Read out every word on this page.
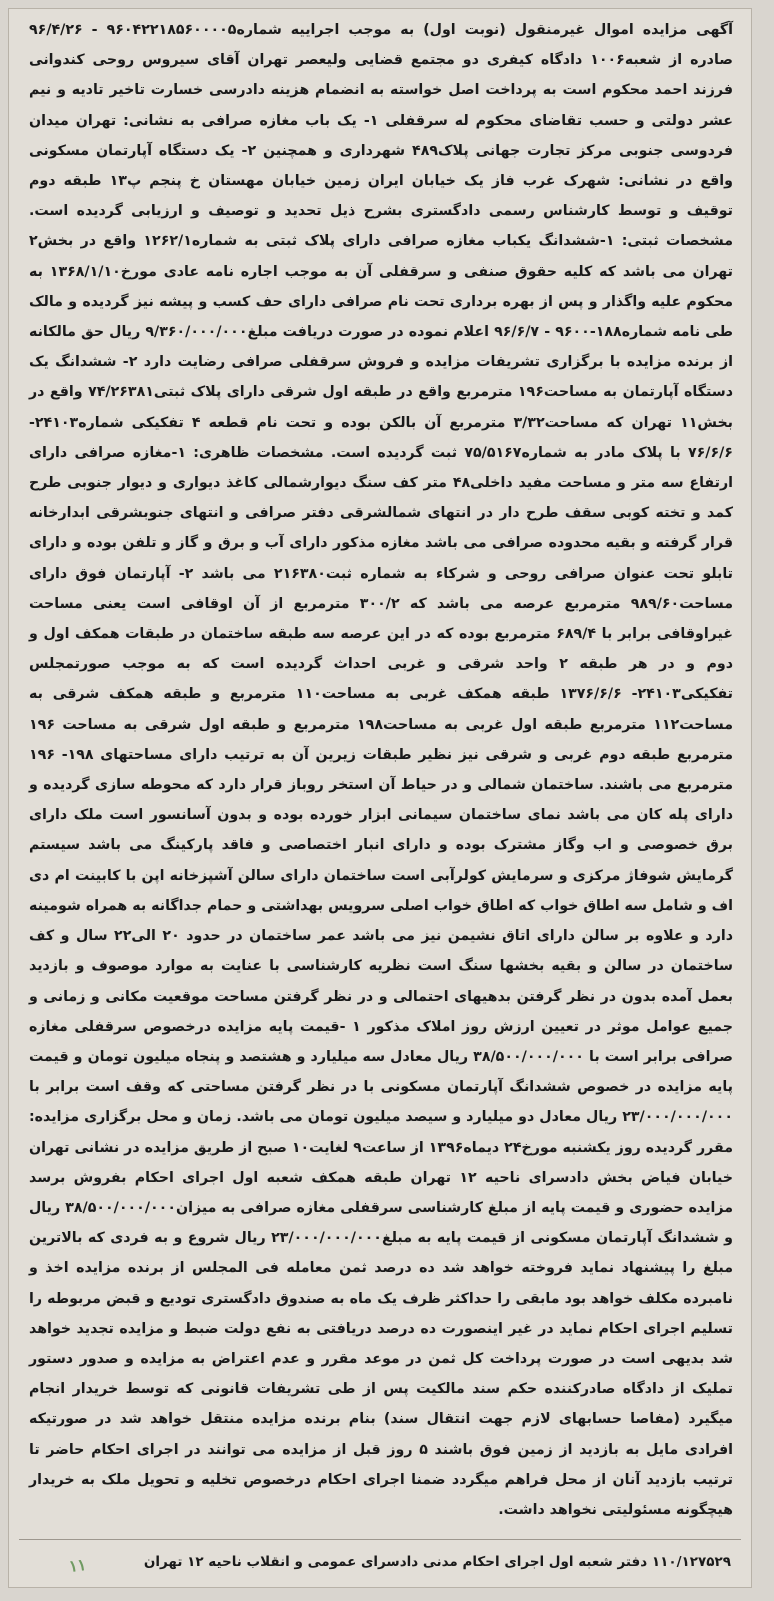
آگهی مزایده اموال غیرمنقول (نوبت اول) به موجب اجراییه شماره۹۶۰۴۲۲۱۸۵۶۰۰۰۰۵ - ۹۶/۴/۲۶ صادره از شعبه۱۰۰۶ دادگاه کیفری دو مجتمع قضایی ولیعصر تهران آقای سیروس روحی کندوانی فرزند احمد محکوم است به پرداخت اصل خواسته به انضمام هزینه دادرسی خسارت تاخیر تادیه و نیم عشر دولتی و حسب تقاضای محکوم له سرقفلی ۱- یک باب مغازه صرافی به نشانی: تهران میدان فردوسی جنوبی مرکز تجارت جهانی پلاک۴۸۹ شهرداری و همچنین ۲- یک دستگاه آپارتمان مسکونی واقع در نشانی: شهرک غرب فاز یک خیابان ایران زمین خیابان مهستان خ پنجم پ۱۳ طبقه دوم توقیف و توسط کارشناس رسمی دادگستری بشرح ذیل تحدید و توصیف و ارزیابی گردیده است. مشخصات ثبتی: ۱-ششدانگ یکباب مغازه صرافی دارای پلاک ثبتی به شماره۱۲۶۲/۱ واقع در بخش۲ تهران می باشد که کلیه حقوق صنفی و سرقفلی آن به موجب اجاره نامه عادی مورخ۱۳۶۸/۱/۱۰ به محکوم علیه واگذار و پس از بهره برداری تحت نام صرافی دارای حف کسب و پیشه نیز گردیده و مالک طی نامه شماره۱۸۸-۹۶۰۰ - ۹۶/۶/۷ اعلام نموده در صورت دریافت مبلغ۹/۳۶۰/۰۰۰/۰۰۰ ریال حق مالکانه از برنده مزایده با برگزاری تشریفات مزایده و فروش سرقفلی صرافی رضایت دارد ۲- ششدانگ یک دستگاه آپارتمان به مساحت۱۹۶ مترمربع واقع در طبقه اول شرقی دارای پلاک ثبتی۷۴/۲۶۳۸۱ واقع در بخش۱۱ تهران که مساحت۳/۳۲ مترمربع آن بالکن بوده و تحت نام قطعه ۴ تفکیکی شماره۲۴۱۰۳- ۷۶/۶/۶ با پلاک مادر به شماره۷۵/۵۱۶۷ ثبت گردیده است. مشخصات ظاهری: ۱-مغازه صرافی دارای ارتفاع سه متر و مساحت مفید داخلی۴۸ متر کف سنگ دیوارشمالی کاغذ دیواری و دیوار جنوبی طرح کمد و تخته کوبی سقف طرح دار در انتهای شمالشرقی دفتر صرافی و انتهای جنوبشرقی ابدارخانه قرار گرفته و بقیه محدوده صرافی می باشد مغازه مذکور دارای آب و برق و گاز و تلفن بوده و دارای تابلو تحت عنوان صرافی روحی و شرکاء به شماره ثبت۲۱۶۳۸۰ می باشد ۲- آپارتمان فوق دارای مساحت۹۸۹/۶۰ مترمربع عرصه می باشد که ۳۰۰/۲ مترمربع از آن اوقافی است یعنی مساحت غیراوقافی برابر با ۶۸۹/۴ مترمربع بوده که در این عرصه سه طبقه ساختمان در طبقات همکف اول و دوم و در هر طبقه ۲ واحد شرقی و غربی احداث گردیده است که به موجب صورتمجلس تفکیکی۲۴۱۰۳- ۱۳۷۶/۶/۶ طبقه همکف غربی به مساحت۱۱۰ مترمربع و طبقه همکف شرقی به مساحت۱۱۲ مترمربع طبقه اول غربی به مساحت۱۹۸ مترمربع و طبقه اول شرقی به مساحت ۱۹۶ مترمربع طبقه دوم غربی و شرقی نیز نظیر طبقات زیرین آن به ترتیب دارای مساحتهای ۱۹۸- ۱۹۶ مترمربع می باشند. ساختمان شمالی و در حیاط آن استخر روباز قرار دارد که محوطه سازی گردیده و دارای پله کان می باشد نمای ساختمان سیمانی ابزار خورده بوده و بدون آسانسور است ملک دارای برق خصوصی و اب وگاز مشترک بوده و دارای انبار اختصاصی و فاقد پارکینگ می باشد سیستم گرمایش شوفاژ مرکزی و سرمایش کولرآبی است ساختمان دارای سالن آشپزخانه اپن با کابینت ام دی اف و شامل سه اطاق خواب که اطاق خواب اصلی سرویس بهداشتی و حمام جداگانه به همراه شومینه دارد و علاوه بر سالن دارای اتاق نشیمن نیز می باشد عمر ساختمان در حدود ۲۰ الی۲۲ سال و کف ساختمان در سالن و بقیه بخشها سنگ است نظریه کارشناسی با عنایت به موارد موصوف و بازدید بعمل آمده بدون در نظر گرفتن بدهیهای احتمالی و در نظر گرفتن مساحت موقعیت مکانی و زمانی و جمیع عوامل موثر در تعیین ارزش روز املاک مذکور ۱ -قیمت پایه مزایده درخصوص سرقفلی مغازه صرافی برابر است با ۳۸/۵۰۰/۰۰۰/۰۰۰ ریال معادل سه میلیارد و هشتصد و پنجاه میلیون تومان و قیمت پایه مزایده در خصوص ششدانگ آپارتمان مسکونی با در نظر گرفتن مساحتی که وقف است برابر با ۲۳/۰۰۰/۰۰۰/۰۰۰ ریال معادل دو میلیارد و سیصد میلیون تومان می باشد. زمان و محل برگزاری مزایده: مقرر گردیده روز یکشنبه مورخ۲۴ دیماه۱۳۹۶ از ساعت۹ لغایت۱۰ صبح از طریق مزایده در نشانی تهران خیابان فیاض بخش دادسرای ناحیه ۱۲ تهران طبقه همکف شعبه اول اجرای احکام بفروش برسد مزایده حضوری و قیمت پایه از مبلغ کارشناسی سرقفلی مغازه صرافی به میزان۳۸/۵۰۰/۰۰۰/۰۰۰ ریال و ششدانگ آپارتمان مسکونی از قیمت پایه به مبلغ۲۳/۰۰۰/۰۰۰/۰۰۰ ریال شروع و به فردی که بالاترین مبلغ را پیشنهاد نماید فروخته خواهد شد ده درصد ثمن معامله فی المجلس از برنده مزایده اخذ و نامبرده مکلف خواهد بود مابقی را حداکثر ظرف یک ماه به صندوق دادگستری تودیع و قبض مربوطه را تسلیم اجرای احکام نماید در غیر اینصورت ده درصد دریافتی به نفع دولت ضبط و مزایده تجدید خواهد شد بدیهی است در صورت پرداخت کل ثمن در موعد مقرر و عدم اعتراض به مزایده و صدور دستور تملیک از دادگاه صادرکننده حکم سند مالکیت پس از طی تشریفات قانونی که توسط خریدار انجام میگیرد (مفاصا حسابهای لازم جهت انتقال سند) بنام برنده مزایده منتقل خواهد شد در صورتیکه افرادی مایل به بازدید از زمین فوق باشند ۵ روز قبل از مزایده می توانند در اجرای احکام حاضر تا ترتیب بازدید آنان از محل فراهم میگردد ضمنا اجرای احکام درخصوص تخلیه و تحویل ملک به خریدار هیچگونه مسئولیتی نخواهد داشت.

۱۱۰/۱۲۷۵۲۹ دفتر شعبه اول اجرای احکام مدنی دادسرای عمومی و انقلاب ناحیه ۱۲ تهران
۱۱
